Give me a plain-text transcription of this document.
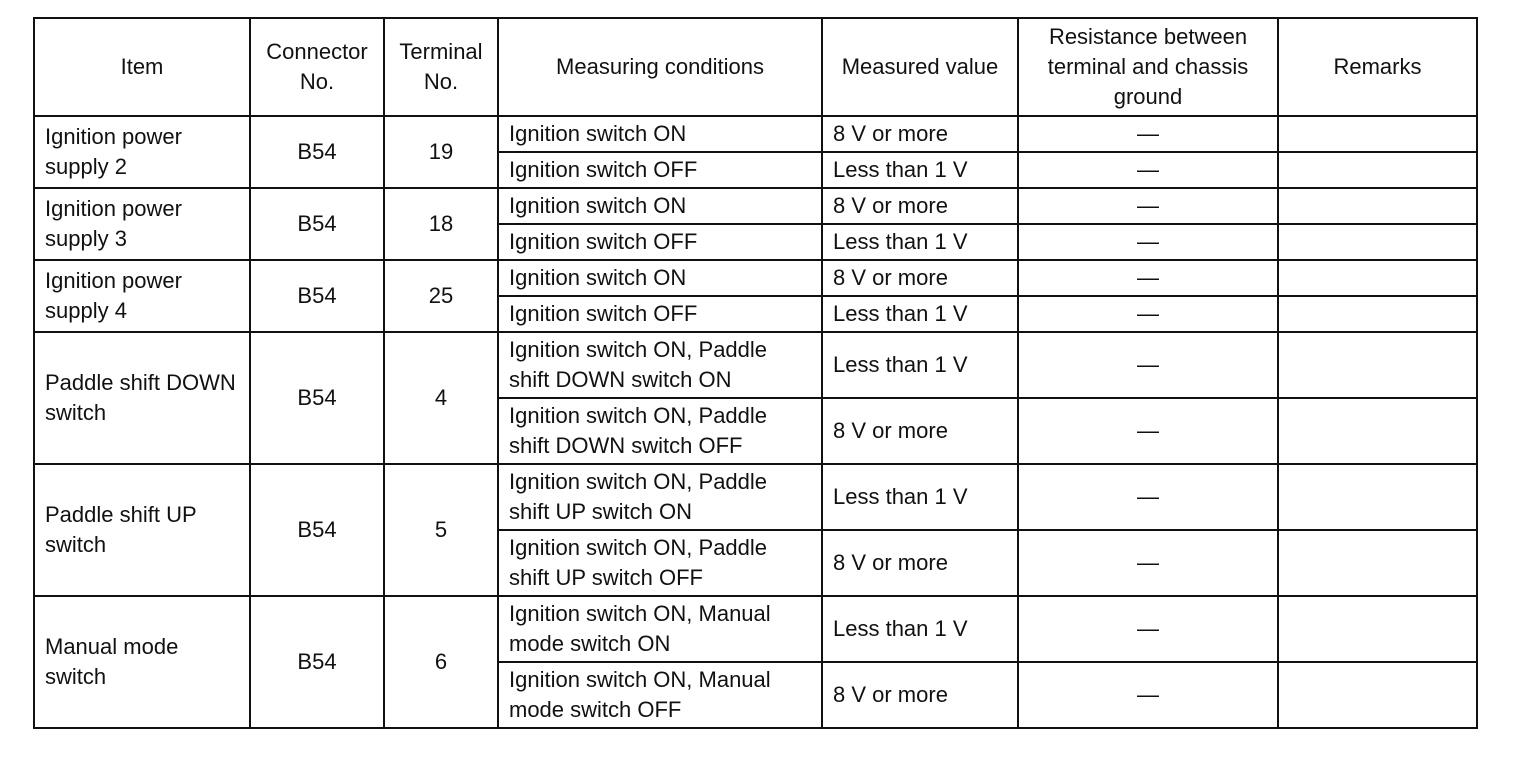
Item	Connector No.	Terminal No.	Measuring conditions	Measured value	Resistance between terminal and chassis ground	Remarks
Ignition power supply 2	B54	19	Ignition switch ON	8 V or more	—	
			Ignition switch OFF	Less than 1 V	—	
Ignition power supply 3	B54	18	Ignition switch ON	8 V or more	—	
			Ignition switch OFF	Less than 1 V	—	
Ignition power supply 4	B54	25	Ignition switch ON	8 V or more	—	
			Ignition switch OFF	Less than 1 V	—	
Paddle shift DOWN switch	B54	4	Ignition switch ON, Paddle shift DOWN switch ON	Less than 1 V	—	
			Ignition switch ON, Paddle shift DOWN switch OFF	8 V or more	—	
Paddle shift UP switch	B54	5	Ignition switch ON, Paddle shift UP switch ON	Less than 1 V	—	
			Ignition switch ON, Paddle shift UP switch OFF	8 V or more	—	
Manual mode switch	B54	6	Ignition switch ON, Manual mode switch ON	Less than 1 V	—	
			Ignition switch ON, Manual mode switch OFF	8 V or more	—	
